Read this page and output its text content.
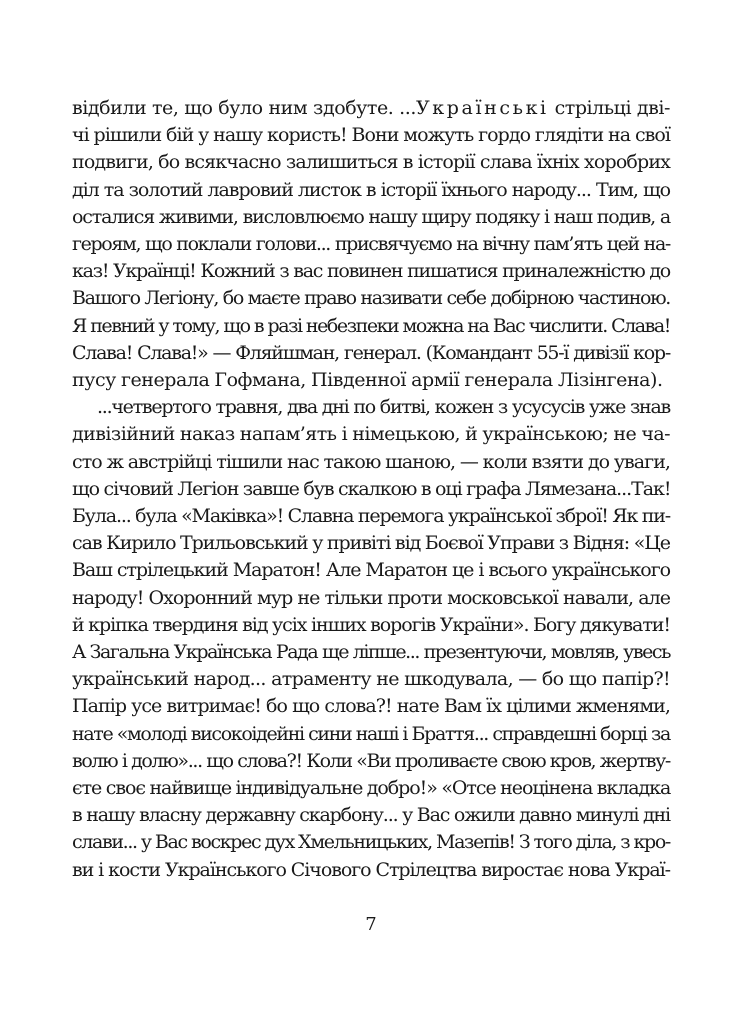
відбили те, що було ним здобуте. ...Українські стрільці дві-
чі рішили бій у нашу користь! Вони можуть гордо глядіти на свої
подвиги, бо всякчасно залишиться в історії слава їхніх хоробрих
діл та золотий лавровий листок в історії їхнього народу... Тим, що
осталися живими, висловлюємо нашу щиру подяку і наш подив, а
героям, що поклали голови... присвячуємо на вічну пам’ять цей на-
каз! Українці! Кожний з вас повинен пишатися приналежністю до
Вашого Легіону, бо маєте право називати себе добірною частиною.
Я певний у тому, що в разі небезпеки можна на Вас числити. Слава!
Слава! Слава!» — Фляйшман, генерал. (Командант 55-ї дивізії кор-
пусу генерала Гофмана, Південної армії генерала Лізінгена).
...четвертого травня, два дні по битві, кожен з усусусів уже знав
дивізійний наказ напам’ять і німецькою, й українською; не ча-
сто ж австрійці тішили нас такою шаною, — коли взяти до уваги,
що січовий Легіон завше був скалкою в оці графа Лямезана...Так!
Була... була «Маківка»! Славна перемога української зброї! Як пи-
сав Кирило Трильовський у привіті від Боєвої Управи з Відня: «Це
Ваш стрілецький Маратон! Але Маратон це і всього українського
народу! Охоронний мур не тільки проти московської навали, але
й кріпка твердиня від усіх інших ворогів України». Богу дякувати!
А Загальна Українська Рада ще ліпше... презентуючи, мовляв, увесь
український народ... атраменту не шкодувала, — бо що папір?!
Папір усе витримає! бо що слова?! нате Вам їх цілими жменями,
нате «молоді високоідейні сини наші і Браття... справдешні борці за
волю і долю»... що слова?! Коли «Ви проливаєте свою кров, жертву-
єте своє найвище індивідуальне добро!» «Отсе неоцінена вкладка
в нашу власну державну скарбону... у Вас ожили давно минулі дні
слави... у Вас воскрес дух Хмельницьких, Мазепів! З того діла, з кро-
ви і кости Українського Січового Стрілецтва виростає нова Украї-
7
